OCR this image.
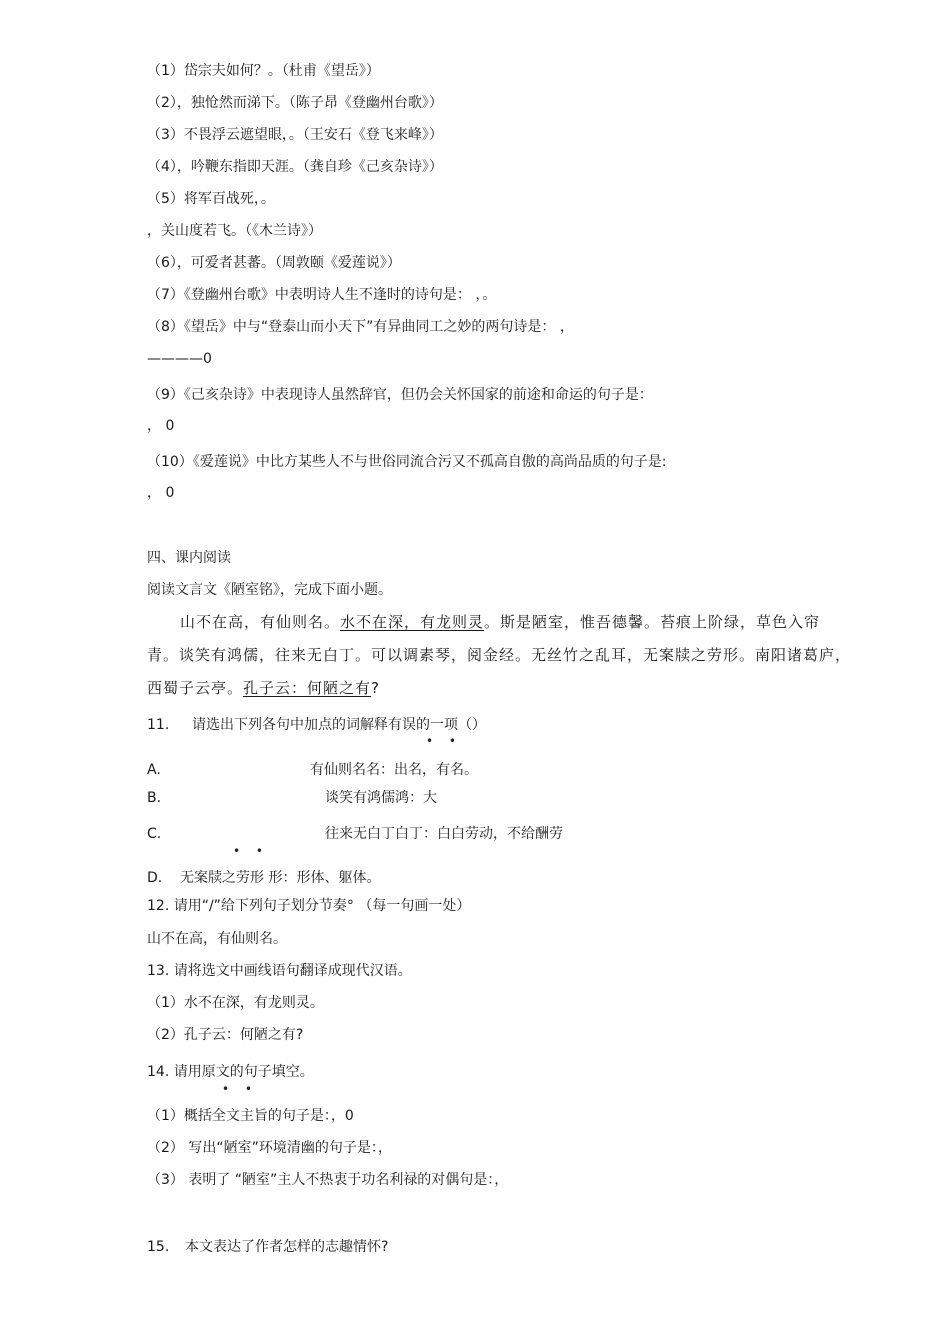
（1）岱宗夫如何？。（杜甫《望岳》）
（2），独怆然而涕下。（陈子昂《登幽州台歌》）
（3）不畏浮云遮望眼，。（王安石《登飞来峰》）
（4），吟鞭东指即天涯。（龚自珍《己亥杂诗》）
（5）将军百战死，。
，关山度若飞。（《木兰诗》）
（6），可爱者甚蕃。（周敦颐《爱莲说》）
（7）《登幽州台歌》中表明诗人生不逢时的诗句是： ，。
（8）《望岳》中与“登泰山而小天下”有异曲同工之妙的两句诗是： ，
————0
（9）《己亥杂诗》中表现诗人虽然辞官，但仍会关怀国家的前途和命运的句子是：
， 0
（10）《爱莲说》中比方某些人不与世俗同流合污又不孤高自傲的高尚品质的句子是:
， 0
四、课内阅读
阅读文言文《陋室铭》，完成下面小题。
山不在高，有仙则名。水不在深，有龙则灵。斯是陋室，惟吾德馨。苔痕上阶绿，草色入帘
青。谈笑有鸿儒，往来无白丁。可以调素琴，阅金经。无丝竹之乱耳，无案牍之劳形。南阳诸葛庐，
西蜀子云亭。孔子云：何陋之有?
11. 请选出下列各句中加点的词解释有误的一项（）
• •
A.	有仙则名名：出名，有名。
B.	谈笑有鸿儒鸿：大
C.	往来无白丁白丁：白白劳动，不给酬劳
• •
D. 无案牍之劳形 形：形体、躯体。
12. 请用“/”给下列句子划分节奏° （每一句画一处）
山不在高，有仙则名。
13. 请将选文中画线语句翻译成现代汉语。
（1）水不在深，有龙则灵。
（2）孔子云：何陋之有?
14. 请用原文的句子填空。
• •
（1）概括全文主旨的句子是：，0
（2） 写出“陋室”环境清幽的句子是：，
（3） 表明了 “陋室”主人不热衷于功名利禄的对偶句是：，
15. 本文表达了作者怎样的志趣情怀?
